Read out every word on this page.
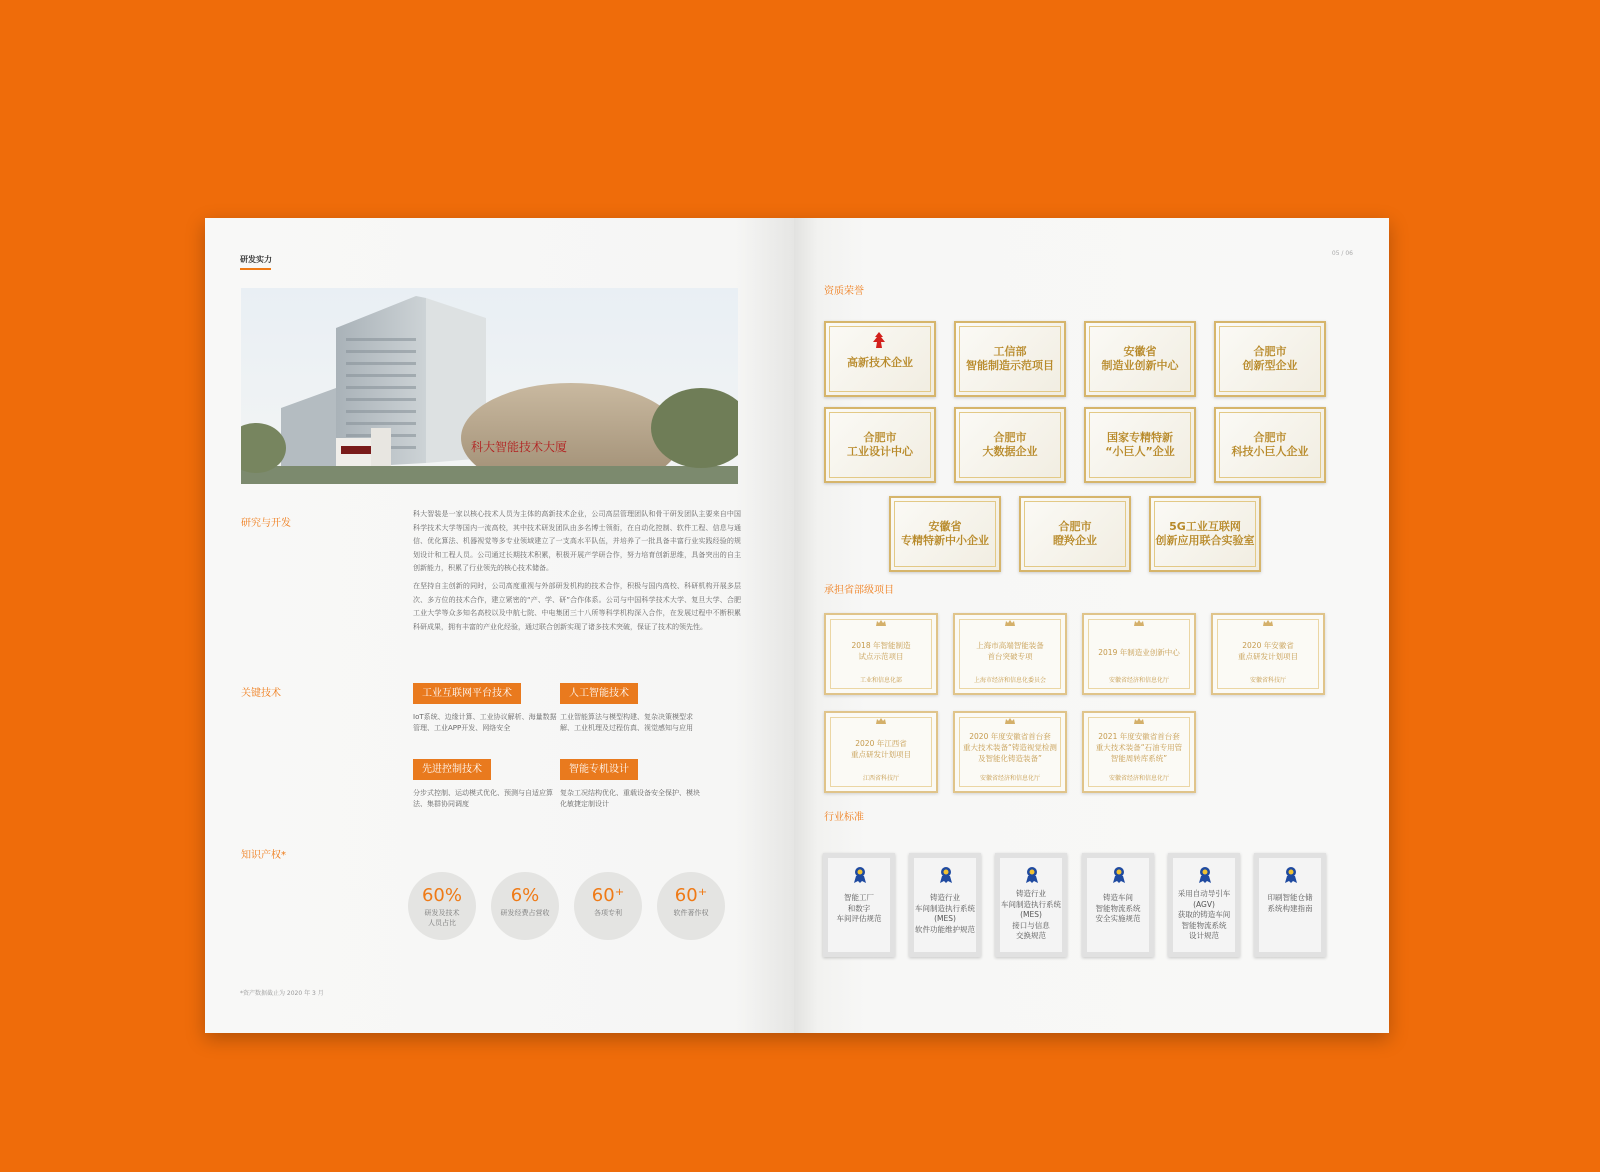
研发实力
科大智能技术大厦
研究与开发
科大智装是一家以核心技术人员为主体的高新技术企业，公司高层管理团队和骨干研发团队主要来自中国科学技术大学等国内一流高校，其中技术研发团队由多名博士领衔，在自动化控制、软件工程、信息与通信、优化算法、机器视觉等多专业领域建立了一支高水平队伍，并培养了一批具备丰富行业实践经验的规划设计和工程人员。公司通过长期技术积累，积极开展产学研合作，努力培育创新思维，具备突出的自主创新能力，积累了行业领先的核心技术储备。
在坚持自主创新的同时，公司高度重视与外部研发机构的技术合作，积极与国内高校、科研机构开展多层次、多方位的技术合作，建立紧密的“产、学、研”合作体系。公司与中国科学技术大学、复旦大学、合肥工业大学等众多知名高校以及中航七院、中电集团三十八所等科学机构深入合作，在发展过程中不断积累科研成果，拥有丰富的产业化经验，通过联合创新实现了诸多技术突破，保证了技术的领先性。
关键技术	工业互联网平台技术
IoT系统、边缘计算、工业协议解析、海量数据管理、工业APP开发、网络安全
人工智能技术
工业智能算法与模型构建、复杂决策模型求解、工业机理及过程仿真、视觉感知与应用
先进控制技术
分步式控制、运动模式优化、预测与自适应算法、集群协同调度
智能专机设计
复杂工况结构优化、重载设备安全保护、模块化敏捷定制设计
知识产权*
60%
研发及技术
人员占比
6%
研发经费占营收
60⁺
各项专利
60⁺
软件著作权
*资产数据截止为 2020 年 3 月
05 / 06
资质荣誉
高新技术企业
工信部
智能制造示范项目
安徽省
制造业创新中心
合肥市
创新型企业
合肥市
工业设计中心
合肥市
大数据企业
国家专精特新
“小巨人”企业
合肥市
科技小巨人企业
安徽省
专精特新中小企业
合肥市
瞪羚企业
5G工业互联网
创新应用联合实验室
承担省部级项目
2018 年智能制造
试点示范项目
工业和信息化部
上海市高端智能装备
首台突破专项
上海市经济和信息化委员会
2019 年制造业创新中心
安徽省经济和信息化厅
2020 年安徽省
重点研发计划项目
安徽省科技厅
2020 年江西省
重点研发计划项目
江西省科技厅
2020 年度安徽省首台套
重大技术装备“铸造视觉检测
及智能化铸造装备”
安徽省经济和信息化厅
2021 年度安徽省首台套
重大技术装备“石油专用管
智能周转库系统”
安徽省经济和信息化厅
行业标准
智能工厂
和数字
车间评估规范
铸造行业
车间制造执行系统
(MES)
软件功能维护规范
铸造行业
车间制造执行系统
(MES)
接口与信息
交换规范
铸造车间
智能物流系统
安全实施规范
采用自动导引车
(AGV)
获取的铸造车间
智能物流系统
设计规范
印刷智能仓储
系统构建指南
